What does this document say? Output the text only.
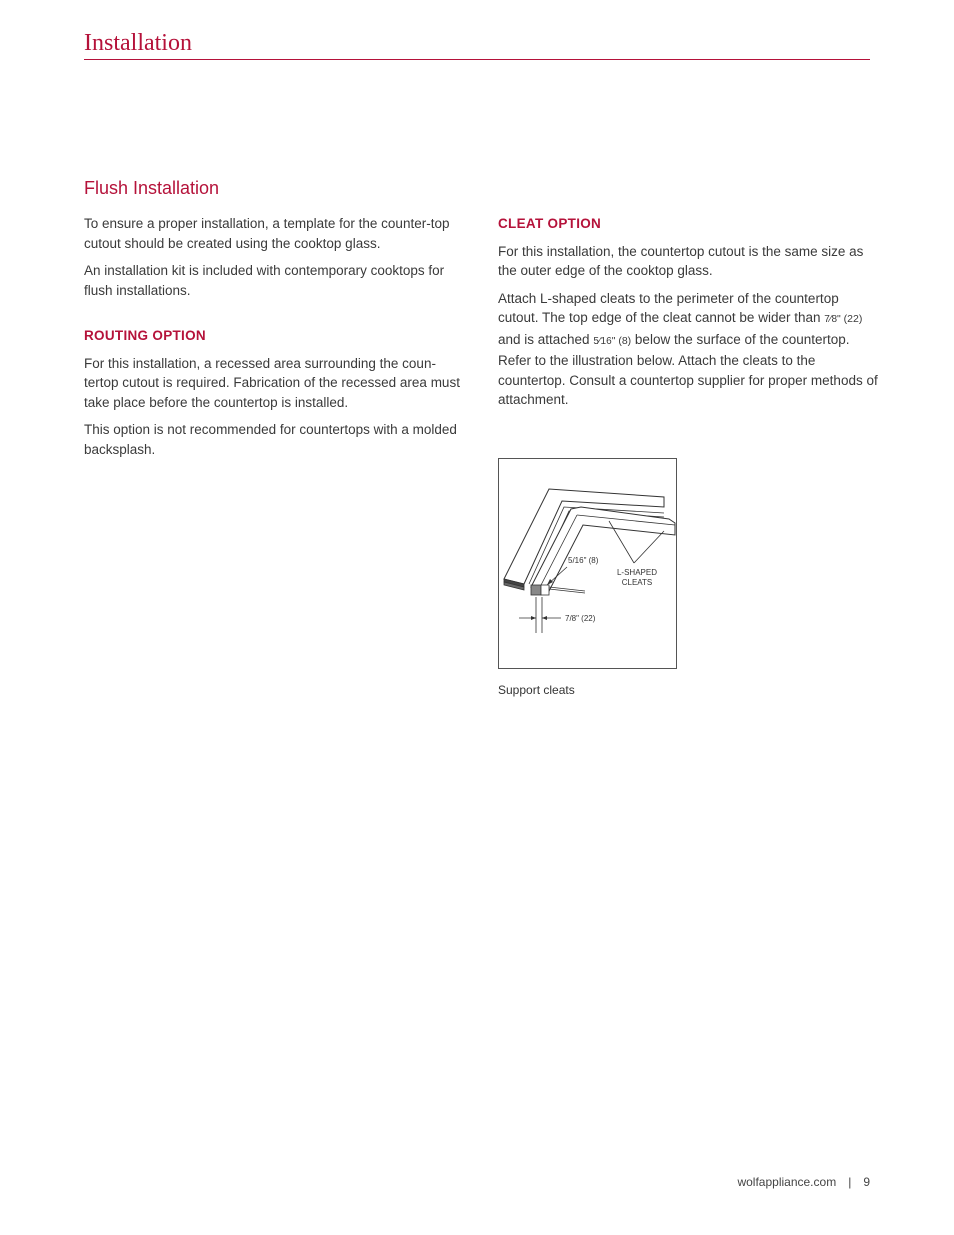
Installation
Flush Installation

To ensure a proper installation, a template for the counter-top cutout should be created using the cooktop glass.

An installation kit is included with contemporary cooktops for flush installations.

ROUTING OPTION

For this installation, a recessed area surrounding the coun-tertop cutout is required. Fabrication of the recessed area must take place before the countertop is installed.

This option is not recommended for countertops with a molded backsplash.

CLEAT OPTION

For this installation, the countertop cutout is the same size as the outer edge of the cooktop glass.

Attach L-shaped cleats to the perimeter of the countertop cutout. The top edge of the cleat cannot be wider than 7⁄8" (22) and is attached 5⁄16" (8) below the surface of the countertop. Refer to the illustration below. Attach the cleats to the countertop. Consult a countertop supplier for proper methods of attachment.

5/16" (8)
7/8" (22)
L-SHAPED
CLEATS
Support cleats
wolfappliance.com | 9
